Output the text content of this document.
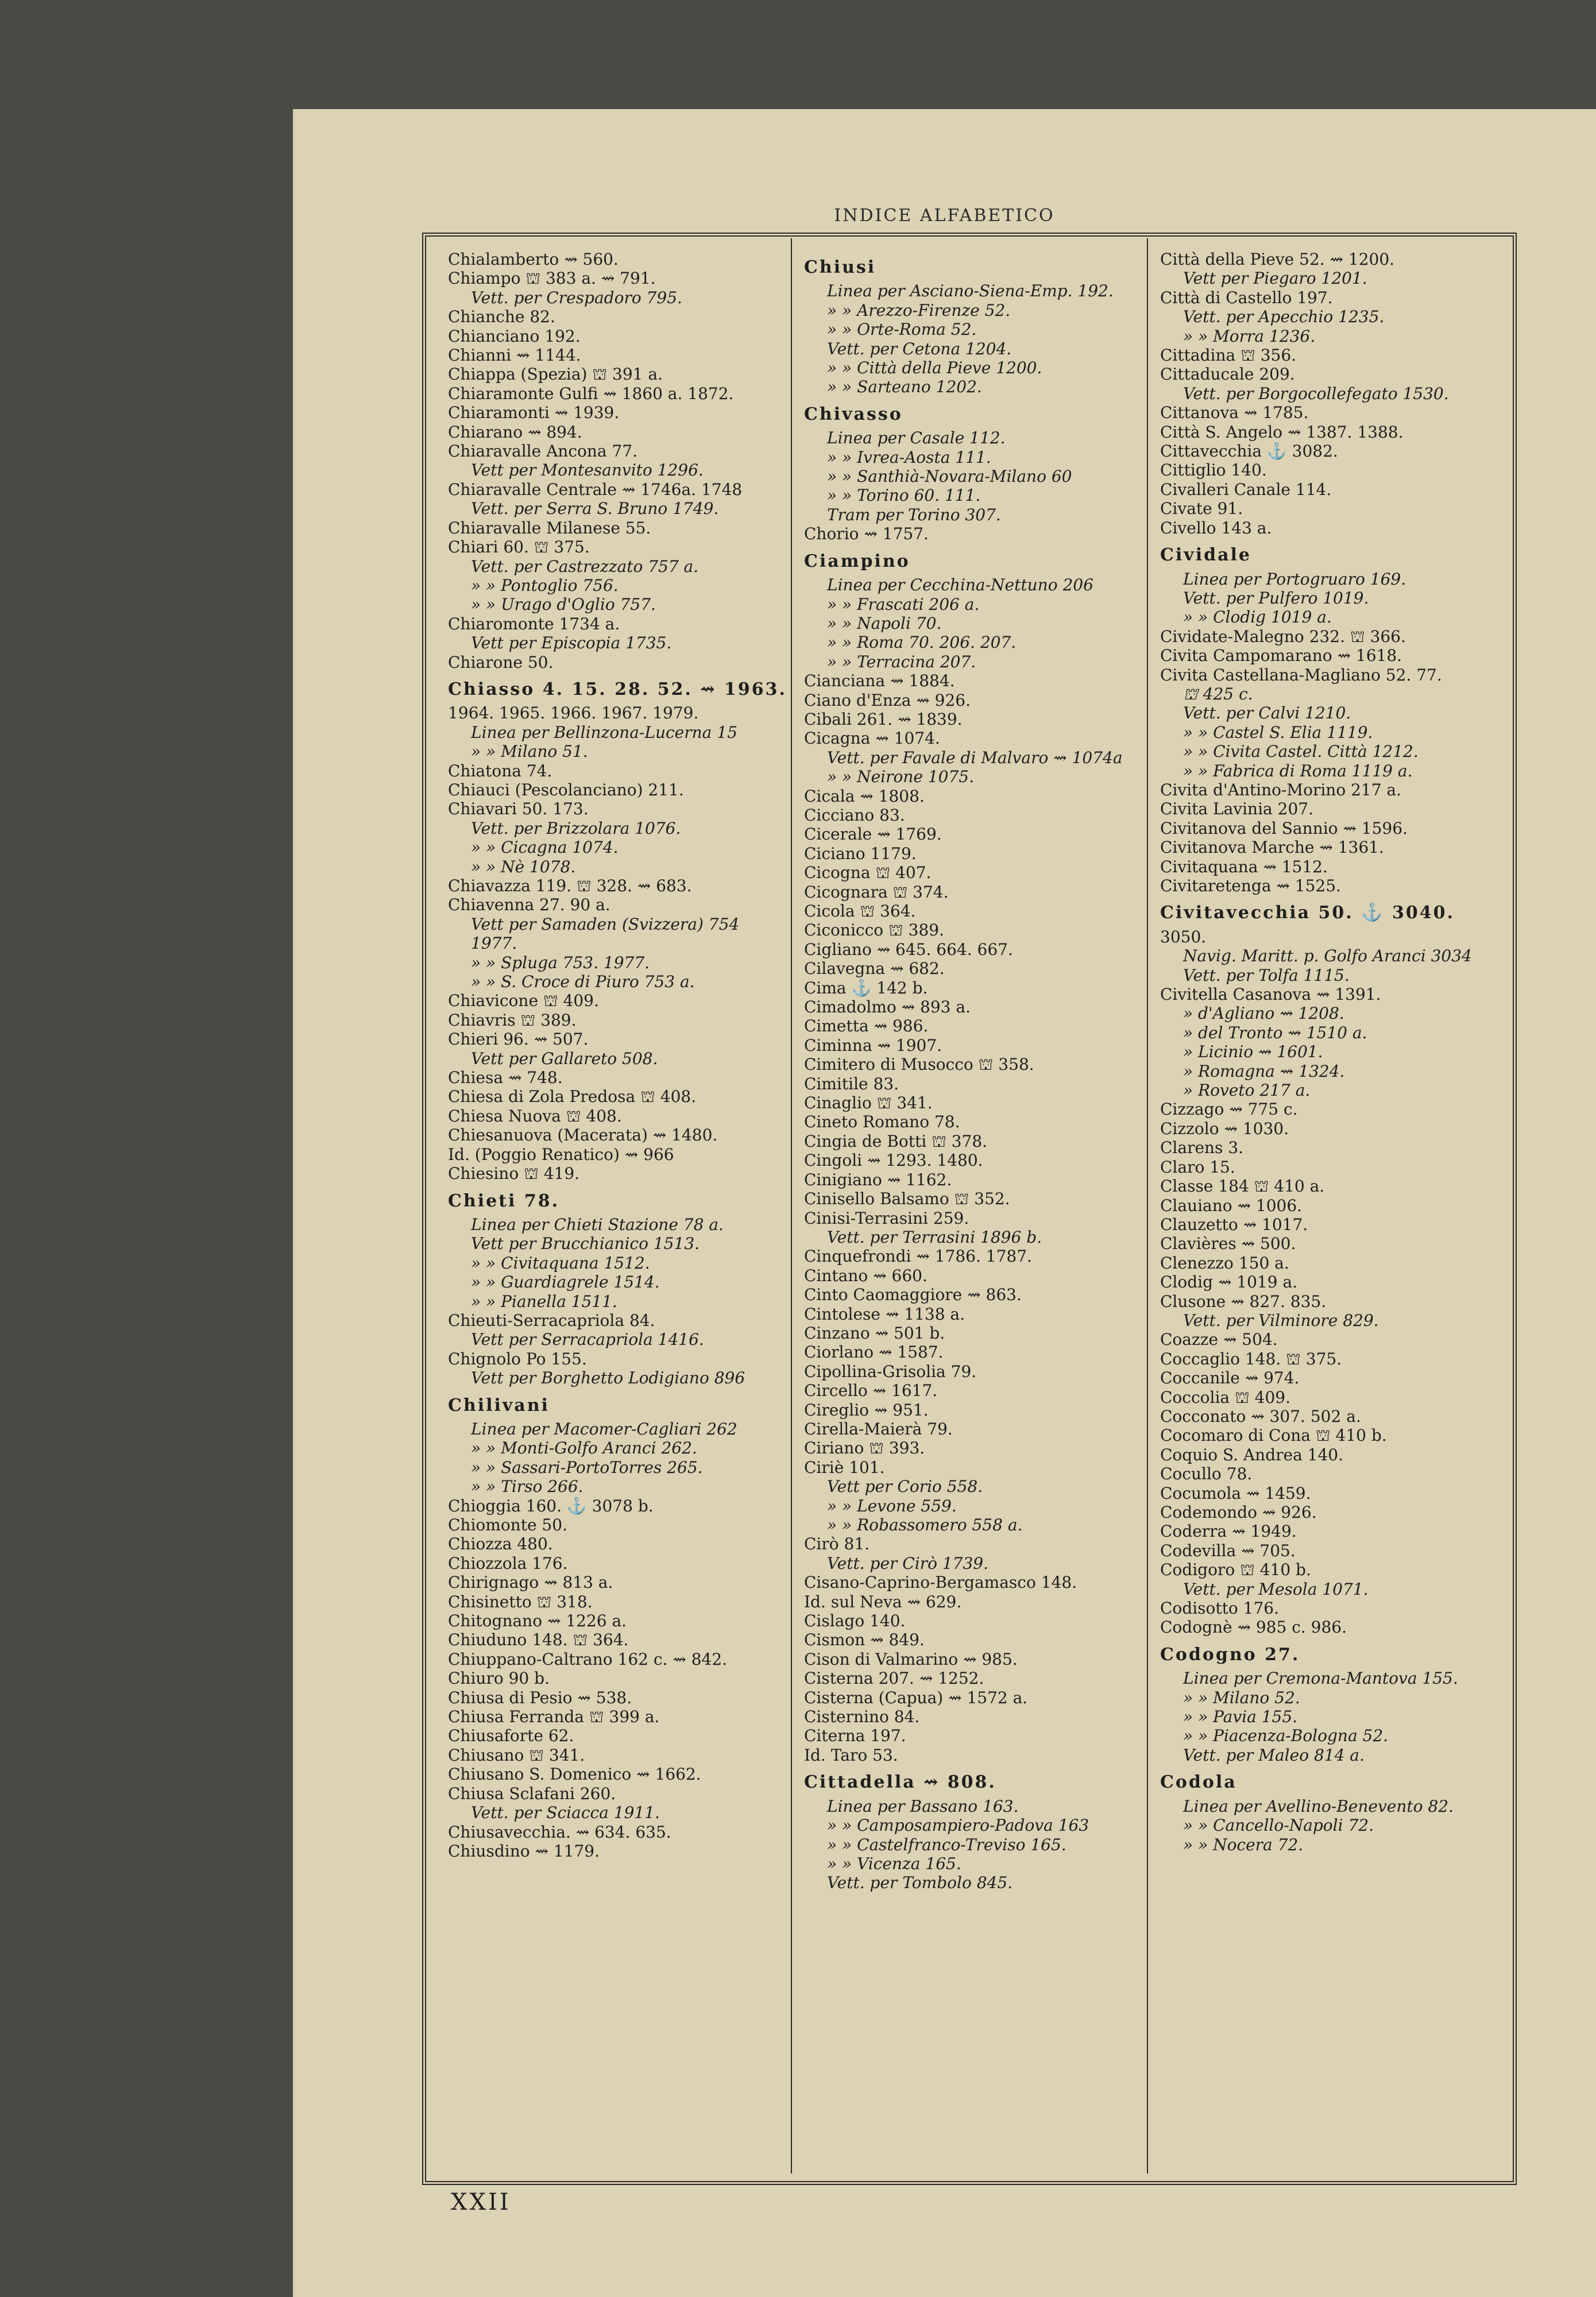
INDICE ALFABETICO
Chialamberto ⇝ 560.
Chiampo ⛫ 383 a. ⇝ 791.
Vett. per Crespadoro 795.
Chianche 82.
Chianciano 192.
Chianni ⇝ 1144.
Chiappa (Spezia) ⛫ 391 a.
Chiaramonte Gulfi ⇝ 1860 a. 1872.
Chiaramonti ⇝ 1939.
Chiarano ⇝ 894.
Chiaravalle Ancona 77.
Vett per Montesanvito 1296.
Chiaravalle Centrale ⇝ 1746a. 1748
Vett. per Serra S. Bruno 1749.
Chiaravalle Milanese 55.
Chiari 60. ⛫ 375.
Vett. per Castrezzato 757 a.
» » Pontoglio 756.
» » Urago d'Oglio 757.
Chiaromonte 1734 a.
Vett per Episcopia 1735.
Chiarone 50.
Chiasso 4. 15. 28. 52. ⇝ 1963.
1964. 1965. 1966. 1967. 1979.
Linea per Bellinzona-Lucerna 15
» » Milano 51.
Chiatona 74.
Chiauci (Pescolanciano) 211.
Chiavari 50. 173.
Vett. per Brizzolara 1076.
» » Cicagna 1074.
» » Nè 1078.
Chiavazza 119. ⛫ 328. ⇝ 683.
Chiavenna 27. 90 a.
Vett per Samaden (Svizzera) 754
1977.
» » Spluga 753. 1977.
» » S. Croce di Piuro 753 a.
Chiavicone ⛫ 409.
Chiavris ⛫ 389.
Chieri 96. ⇝ 507.
Vett per Gallareto 508.
Chiesa ⇝ 748.
Chiesa di Zola Predosa ⛫ 408.
Chiesa Nuova ⛫ 408.
Chiesanuova (Macerata) ⇝ 1480.
Id. (Poggio Renatico) ⇝ 966
Chiesino ⛫ 419.
Chieti 78.
Linea per Chieti Stazione 78 a.
Vett per Brucchianico 1513.
» » Civitaquana 1512.
» » Guardiagrele 1514.
» » Pianella 1511.
Chieuti-Serracapriola 84.
Vett per Serracapriola 1416.
Chignolo Po 155.
Vett per Borghetto Lodigiano 896
Chilivani
Linea per Macomer-Cagliari 262
» » Monti-Golfo Aranci 262.
» » Sassari-PortoTorres 265.
» » Tirso 266.
Chioggia 160. ⚓ 3078 b.
Chiomonte 50.
Chiozza 480.
Chiozzola 176.
Chirignago ⇝ 813 a.
Chisinetto ⛫ 318.
Chitognano ⇝ 1226 a.
Chiuduno 148. ⛫ 364.
Chiuppano-Caltrano 162 c. ⇝ 842.
Chiuro 90 b.
Chiusa di Pesio ⇝ 538.
Chiusa Ferranda ⛫ 399 a.
Chiusaforte 62.
Chiusano ⛫ 341.
Chiusano S. Domenico ⇝ 1662.
Chiusa Sclafani 260.
Vett. per Sciacca 1911.
Chiusavecchia. ⇝ 634. 635.
Chiusdino ⇝ 1179.
Chiusi
Linea per Asciano-Siena-Emp. 192.
» » Arezzo-Firenze 52.
» » Orte-Roma 52.
Vett. per Cetona 1204.
» » Città della Pieve 1200.
» » Sarteano 1202.
Chivasso
Linea per Casale 112.
» » Ivrea-Aosta 111.
» » Santhià-Novara-Milano 60
» » Torino 60. 111.
Tram per Torino 307.
Chorio ⇝ 1757.
Ciampino
Linea per Cecchina-Nettuno 206
» » Frascati 206 a.
» » Napoli 70.
» » Roma 70. 206. 207.
» » Terracina 207.
Cianciana ⇝ 1884.
Ciano d'Enza ⇝ 926.
Cibali 261. ⇝ 1839.
Cicagna ⇝ 1074.
Vett. per Favale di Malvaro ⇝ 1074a
» » Neirone 1075.
Cicala ⇝ 1808.
Cicciano 83.
Cicerale ⇝ 1769.
Ciciano 1179.
Cicogna ⛫ 407.
Cicognara ⛫ 374.
Cicola ⛫ 364.
Ciconicco ⛫ 389.
Cigliano ⇝ 645. 664. 667.
Cilavegna ⇝ 682.
Cima ⚓ 142 b.
Cimadolmo ⇝ 893 a.
Cimetta ⇝ 986.
Ciminna ⇝ 1907.
Cimitero di Musocco ⛫ 358.
Cimitile 83.
Cinaglio ⛫ 341.
Cineto Romano 78.
Cingia de Botti ⛫ 378.
Cingoli ⇝ 1293. 1480.
Cinigiano ⇝ 1162.
Cinisello Balsamo ⛫ 352.
Cinisi-Terrasini 259.
Vett. per Terrasini 1896 b.
Cinquefrondi ⇝ 1786. 1787.
Cintano ⇝ 660.
Cinto Caomaggiore ⇝ 863.
Cintolese ⇝ 1138 a.
Cinzano ⇝ 501 b.
Ciorlano ⇝ 1587.
Cipollina-Grisolia 79.
Circello ⇝ 1617.
Cireglio ⇝ 951.
Cirella-Maierà 79.
Ciriano ⛫ 393.
Ciriè 101.
Vett per Corio 558.
» » Levone 559.
» » Robassomero 558 a.
Cirò 81.
Vett. per Cirò 1739.
Cisano-Caprino-Bergamasco 148.
Id. sul Neva ⇝ 629.
Cislago 140.
Cismon ⇝ 849.
Cison di Valmarino ⇝ 985.
Cisterna 207. ⇝ 1252.
Cisterna (Capua) ⇝ 1572 a.
Cisternino 84.
Citerna 197.
Id. Taro 53.
Cittadella ⇝ 808.
Linea per Bassano 163.
» » Camposampiero-Padova 163
» » Castelfranco-Treviso 165.
» » Vicenza 165.
Vett. per Tombolo 845.
Città della Pieve 52. ⇝ 1200.
Vett per Piegaro 1201.
Città di Castello 197.
Vett. per Apecchio 1235.
» » Morra 1236.
Cittadina ⛫ 356.
Cittaducale 209.
Vett. per Borgocollefegato 1530.
Cittanova ⇝ 1785.
Città S. Angelo ⇝ 1387. 1388.
Cittavecchia ⚓ 3082.
Cittiglio 140.
Civalleri Canale 114.
Civate 91.
Civello 143 a.
Cividale
Linea per Portogruaro 169.
Vett. per Pulfero 1019.
» » Clodig 1019 a.
Cividate-Malegno 232. ⛫ 366.
Civita Campomarano ⇝ 1618.
Civita Castellana-Magliano 52. 77.
⛫ 425 c.
Vett. per Calvi 1210.
» » Castel S. Elia 1119.
» » Civita Castel. Città 1212.
» » Fabrica di Roma 1119 a.
Civita d'Antino-Morino 217 a.
Civita Lavinia 207.
Civitanova del Sannio ⇝ 1596.
Civitanova Marche ⇝ 1361.
Civitaquana ⇝ 1512.
Civitaretenga ⇝ 1525.
Civitavecchia 50. ⚓ 3040.
3050.
Navig. Maritt. p. Golfo Aranci 3034
Vett. per Tolfa 1115.
Civitella Casanova ⇝ 1391.
» d'Agliano ⇝ 1208.
» del Tronto ⇝ 1510 a.
» Licinio ⇝ 1601.
» Romagna ⇝ 1324.
» Roveto 217 a.
Cizzago ⇝ 775 c.
Cizzolo ⇝ 1030.
Clarens 3.
Claro 15.
Classe 184 ⛫ 410 a.
Clauiano ⇝ 1006.
Clauzetto ⇝ 1017.
Clavières ⇝ 500.
Clenezzo 150 a.
Clodig ⇝ 1019 a.
Clusone ⇝ 827. 835.
Vett. per Vilminore 829.
Coazze ⇝ 504.
Coccaglio 148. ⛫ 375.
Coccanile ⇝ 974.
Coccolia ⛫ 409.
Cocconato ⇝ 307. 502 a.
Cocomaro di Cona ⛫ 410 b.
Coquio S. Andrea 140.
Cocullo 78.
Cocumola ⇝ 1459.
Codemondo ⇝ 926.
Coderra ⇝ 1949.
Codevilla ⇝ 705.
Codigoro ⛫ 410 b.
Vett. per Mesola 1071.
Codisotto 176.
Codognè ⇝ 985 c. 986.
Codogno 27.
Linea per Cremona-Mantova 155.
» » Milano 52.
» » Pavia 155.
» » Piacenza-Bologna 52.
Vett. per Maleo 814 a.
Codola
Linea per Avellino-Benevento 82.
» » Cancello-Napoli 72.
» » Nocera 72.
XXII
